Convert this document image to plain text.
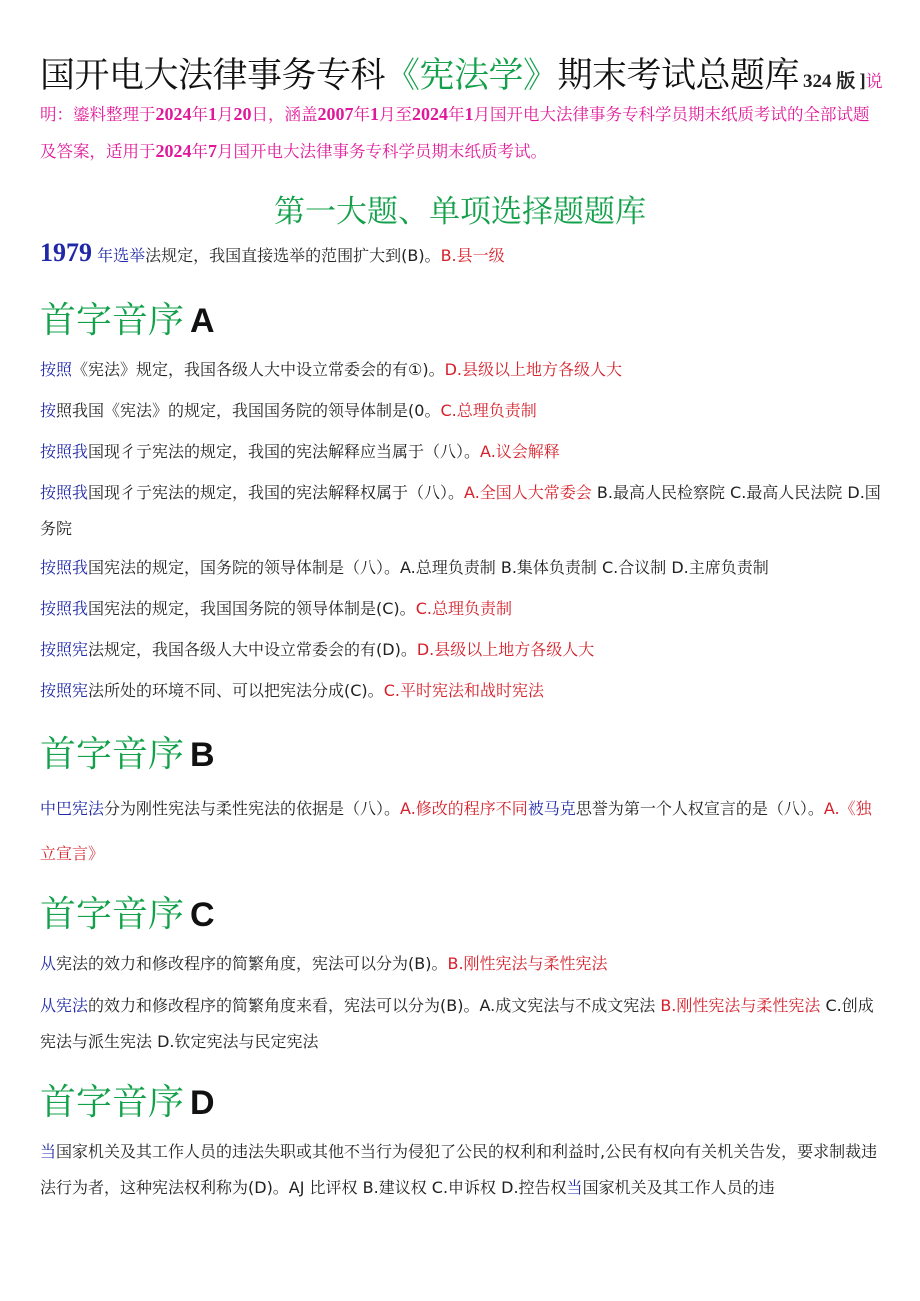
国开电大法律事务专科《宪法学》期末考试总题库 324 版 ]说
明：鎏料整理于2024年1月20日，涵盖2007年1月至2024年1月国开电大法律事务专科学员期末纸质考试的全部试题及答案，适用于2024年7月国开电大法律事务专科学员期末纸质考试。
第一大题、单项选择题题库
1979 年选举法规定，我国直接选举的范围扩大到(B)。B.县一级
首字音序 A
按照《宪法》规定，我国各级人大中设立常委会的有①)。D.县级以上地方各级人大
按照我国《宪法》的规定，我国国务院的领导体制是(0。C.总理负责制
按照我国现彳亍宪法的规定，我国的宪法解释应当属于（八）。A.议会解释
按照我国现彳亍宪法的规定，我国的宪法解释权属于（八）。A.全国人大常委会 B.最高人民检察院 C.最高人民法院 D.国务院
按照我国宪法的规定，国务院的领导体制是（八）。A.总理负责制 B.集体负责制 C.合议制 D.主席负责制
按照我国宪法的规定，我国国务院的领导体制是(C)。C.总理负责制
按照宪法规定，我国各级人大中设立常委会的有(D)。D.县级以上地方各级人大
按照宪法所处的环境不同、可以把宪法分成(C)。C.平时宪法和战时宪法
首字音序 B
中巴宪法分为刚性宪法与柔性宪法的依据是（八）。A.修改的程序不同被马克思誉为第一个人权宣言的是（八）。A.《独立宣言》
首字音序 C
从宪法的效力和修改程序的简繁角度，宪法可以分为(B)。B.刚性宪法与柔性宪法
从宪法的效力和修改程序的简繁角度来看，宪法可以分为(B)。A.成文宪法与不成文宪法 B.刚性宪法与柔性宪法 C.创成宪法与派生宪法 D.钦定宪法与民定宪法
首字音序 D
当国家机关及其工作人员的违法失职或其他不当行为侵犯了公民的权利和利益时,公民有权向有关机关告发，要求制裁违法行为者，这种宪法权利称为(D)。AJ 比评权 B.建议权 C.申诉权 D.控告权当国家机关及其工作人员的违
